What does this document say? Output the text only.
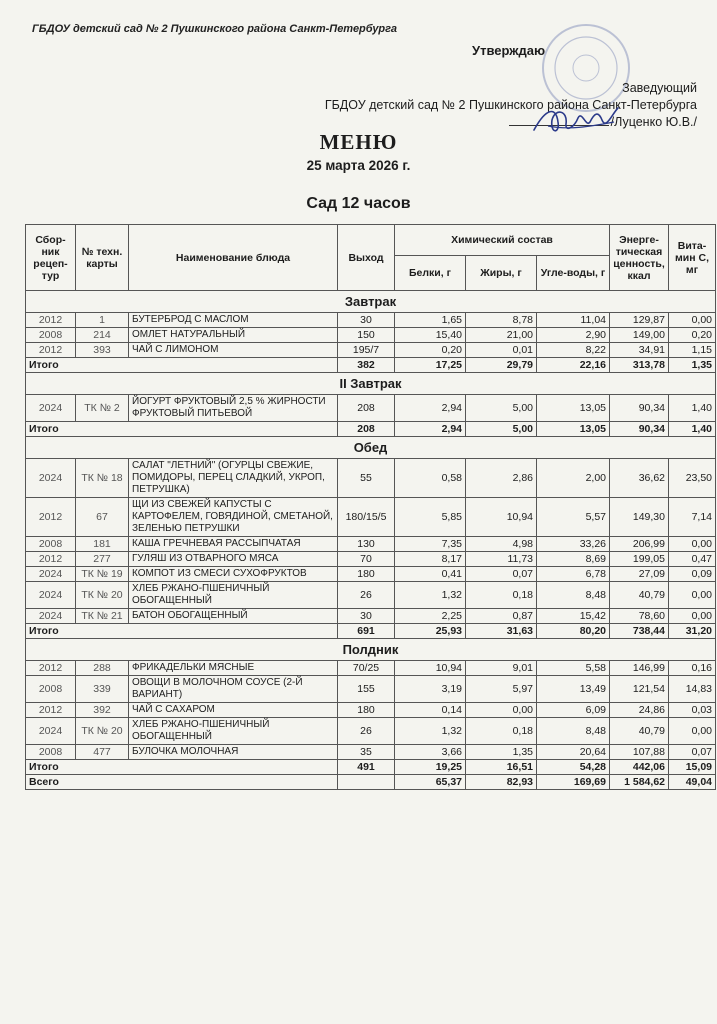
ГБДОУ детский сад № 2 Пушкинского района Санкт-Петербурга
Утверждаю
Заведующий
ГБДОУ детский сад № 2 Пушкинского района Санкт-Петербурга
/Луценко Ю.В./
МЕНЮ
25 марта 2026 г.
Сад 12 часов
Сбор-ник рецеп-тур	№ техн. карты	Наименование блюда	Выход	Химический состав			Энерге-тическая ценность, ккал	Вита-мин С, мг
				Белки, г	Жиры, г	Угле-воды, г		
Завтрак								
2012	1	БУТЕРБРОД С МАСЛОМ	30	1,65	8,78	11,04	129,87	0,00
2008	214	ОМЛЕТ НАТУРАЛЬНЫЙ	150	15,40	21,00	2,90	149,00	0,20
2012	393	ЧАЙ С ЛИМОНОМ	195/7	0,20	0,01	8,22	34,91	1,15
Итого			382	17,25	29,79	22,16	313,78	1,35
II Завтрак								
2024	ТК № 2	ЙОГУРТ ФРУКТОВЫЙ 2,5 % ЖИРНОСТИ ФРУКТОВЫЙ ПИТЬЕВОЙ	208	2,94	5,00	13,05	90,34	1,40
Итого			208	2,94	5,00	13,05	90,34	1,40
Обед								
2024	ТК № 18	САЛАТ "ЛЕТНИЙ" (ОГУРЦЫ СВЕЖИЕ, ПОМИДОРЫ, ПЕРЕЦ СЛАДКИЙ, УКРОП, ПЕТРУШКА)	55	0,58	2,86	2,00	36,62	23,50
2012	67	ЩИ ИЗ СВЕЖЕЙ КАПУСТЫ С КАРТОФЕЛЕМ, ГОВЯДИНОЙ, СМЕТАНОЙ, ЗЕЛЕНЬЮ ПЕТРУШКИ	180/15/5	5,85	10,94	5,57	149,30	7,14
2008	181	КАША ГРЕЧНЕВАЯ РАССЫПЧАТАЯ	130	7,35	4,98	33,26	206,99	0,00
2012	277	ГУЛЯШ ИЗ ОТВАРНОГО МЯСА	70	8,17	11,73	8,69	199,05	0,47
2024	ТК № 19	КОМПОТ ИЗ СМЕСИ СУХОФРУКТОВ	180	0,41	0,07	6,78	27,09	0,09
2024	ТК № 20	ХЛЕБ РЖАНО-ПШЕНИЧНЫЙ ОБОГАЩЕННЫЙ	26	1,32	0,18	8,48	40,79	0,00
2024	ТК № 21	БАТОН ОБОГАЩЕННЫЙ	30	2,25	0,87	15,42	78,60	0,00
Итого			691	25,93	31,63	80,20	738,44	31,20
Полдник								
2012	288	ФРИКАДЕЛЬКИ МЯСНЫЕ	70/25	10,94	9,01	5,58	146,99	0,16
2008	339	ОВОЩИ В МОЛОЧНОМ СОУСЕ (2-Й ВАРИАНТ)	155	3,19	5,97	13,49	121,54	14,83
2012	392	ЧАЙ С САХАРОМ	180	0,14	0,00	6,09	24,86	0,03
2024	ТК № 20	ХЛЕБ РЖАНО-ПШЕНИЧНЫЙ ОБОГАЩЕННЫЙ	26	1,32	0,18	8,48	40,79	0,00
2008	477	БУЛОЧКА МОЛОЧНАЯ	35	3,66	1,35	20,64	107,88	0,07
Итого			491	19,25	16,51	54,28	442,06	15,09
Всего				65,37	82,93	169,69	1 584,62	49,04
